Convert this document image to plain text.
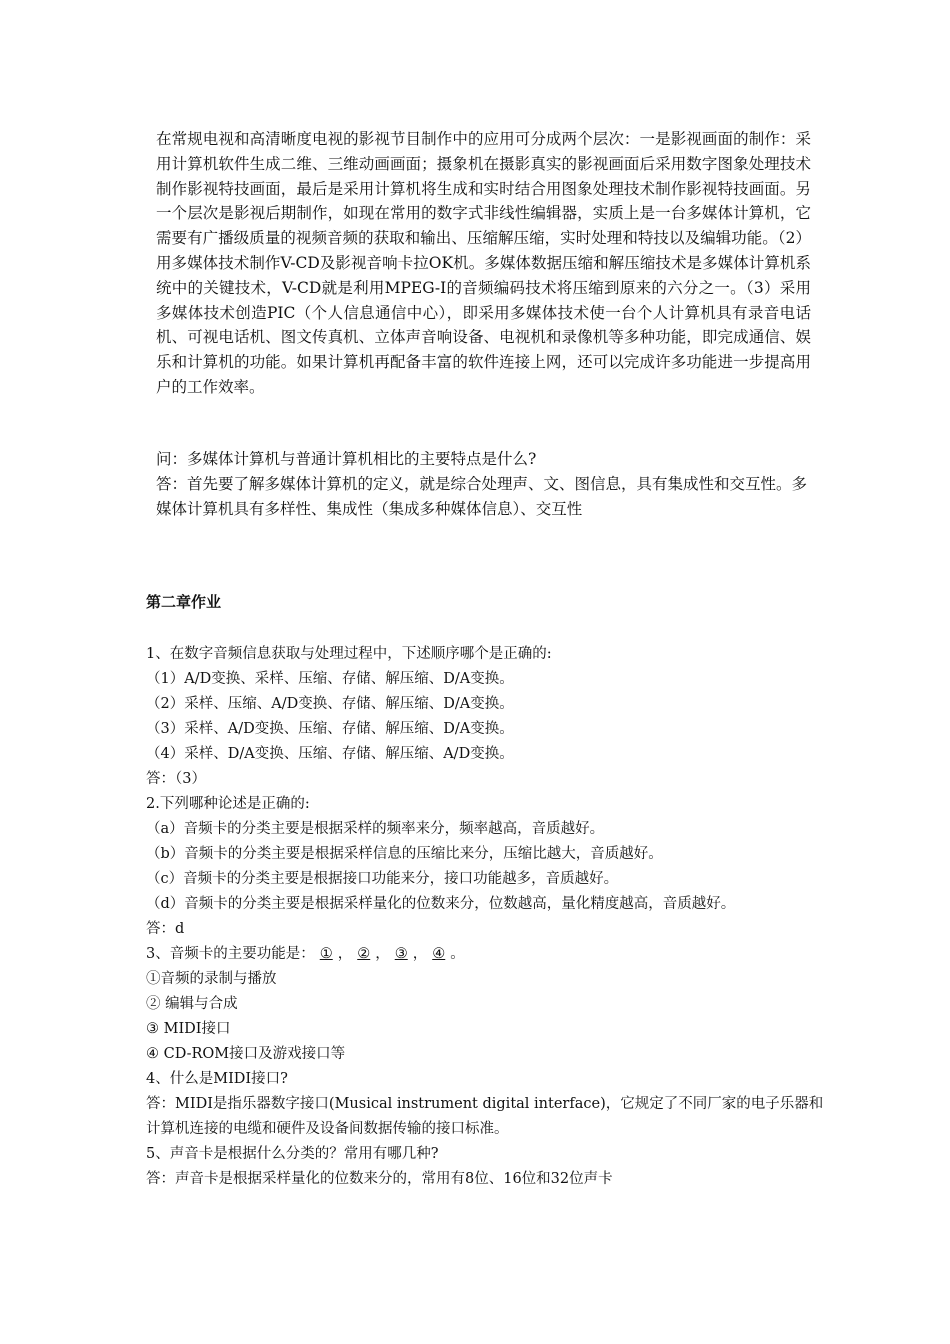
在常规电视和高清晰度电视的影视节目制作中的应用可分成两个层次：一是影视画面的制作：采用计算机软件生成二维、三维动画画面；摄象机在摄影真实的影视画面后采用数字图象处理技术制作影视特技画面，最后是采用计算机将生成和实时结合用图象处理技术制作影视特技画面。另一个层次是影视后期制作，如现在常用的数字式非线性编辑器，实质上是一台多媒体计算机，它需要有广播级质量的视频音频的获取和输出、压缩解压缩，实时处理和特技以及编辑功能。（2）用多媒体技术制作V-CD及影视音响卡拉OK机。多媒体数据压缩和解压缩技术是多媒体计算机系统中的关键技术，V-CD就是利用MPEG-I的音频编码技术将压缩到原来的六分之一。（3）采用多媒体技术创造PIC（个人信息通信中心），即采用多媒体技术使一台个人计算机具有录音电话机、可视电话机、图文传真机、立体声音响设备、电视机和录像机等多种功能，即完成通信、娱乐和计算机的功能。如果计算机再配备丰富的软件连接上网，还可以完成许多功能进一步提高用户的工作效率。

问：多媒体计算机与普通计算机相比的主要特点是什么?

答：首先要了解多媒体计算机的定义，就是综合处理声、文、图信息，具有集成性和交互性。多媒体计算机具有多样性、集成性（集成多种媒体信息）、交互性

第二章作业

1、在数字音频信息获取与处理过程中，下述顺序哪个是正确的:

（1）A/D变换、采样、压缩、存储、解压缩、D/A变换。

（2）采样、压缩、A/D变换、存储、解压缩、D/A变换。

（3）采样、A/D变换、压缩、存储、解压缩、D/A变换。

（4）采样、D/A变换、压缩、存储、解压缩、A/D变换。

答：（3）

2.下列哪种论述是正确的:

（a）音频卡的分类主要是根据采样的频率来分，频率越高，音质越好。

（b）音频卡的分类主要是根据采样信息的压缩比来分，压缩比越大，音质越好。

（c）音频卡的分类主要是根据接口功能来分，接口功能越多，音质越好。

（d）音频卡的分类主要是根据采样量化的位数来分，位数越高，量化精度越高，音质越好。

答：d

3、音频卡的主要功能是： ① ， ② ， ③ ， ④ 。

①音频的录制与播放

② 编辑与合成

③ MIDI接口

④ CD-ROM接口及游戏接口等

4、什么是MIDI接口?

答：MIDI是指乐器数字接口(Musical instrument digital interface)，它规定了不同厂家的电子乐器和计算机连接的电缆和硬件及设备间数据传输的接口标准。

5、声音卡是根据什么分类的？常用有哪几种?

答：声音卡是根据采样量化的位数来分的，常用有8位、16位和32位声卡
